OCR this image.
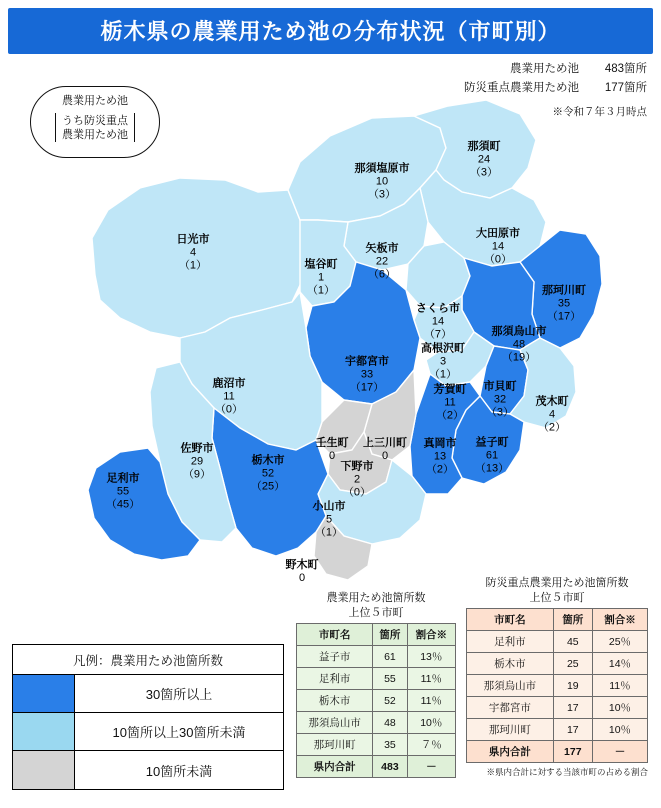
栃木県の農業用ため池の分布状況（市町別）
農業用ため池	483箇所
防災重点農業用ため池	177箇所
※令和７年３月時点
農業用ため池
うち防災重点
農業用ため池
那須町
24
（3）
那須塩原市
10
（3）
大田原市
14
（0）
日光市
4
（1）
矢板市
22
（6）
塩谷町
1
（1）	那珂川町
35
（17）
さくら市
14
（7）	那須烏山市
48
（19）
高根沢町
3
（1）
宇都宮市
33
（17）	市貝町
32
（3）
芳賀町
11
（2）
茂木町
4
（2）
鹿沼市
11
（0）
益子町
61
（13）
真岡市
13
（2）
壬生町
0
上三川町
0
下野市
2
（0）
佐野市
29
（9）
栃木市
52
（25）
足利市
55
（45）	小山市
5
（1）
野木町
0
凡例：農業用ため池箇所数
30箇所以上
10箇所以上30箇所未満
10箇所未満
農業用ため池箇所数
上位５市町
市町名	箇所	割合※
益子市	61	13％
足利市	55	11％
栃木市	52	11％
那須烏山市	48	10％
那珂川町	35	７％
県内合計	483	－
防災重点農業用ため池箇所数
上位５市町
市町名	箇所	割合※
足利市	45	25％
栃木市	25	14％
那須烏山市	19	11％
宇都宮市	17	10％
那珂川町	17	10％
県内合計	177	－
※県内合計に対する当該市町の占める割合
